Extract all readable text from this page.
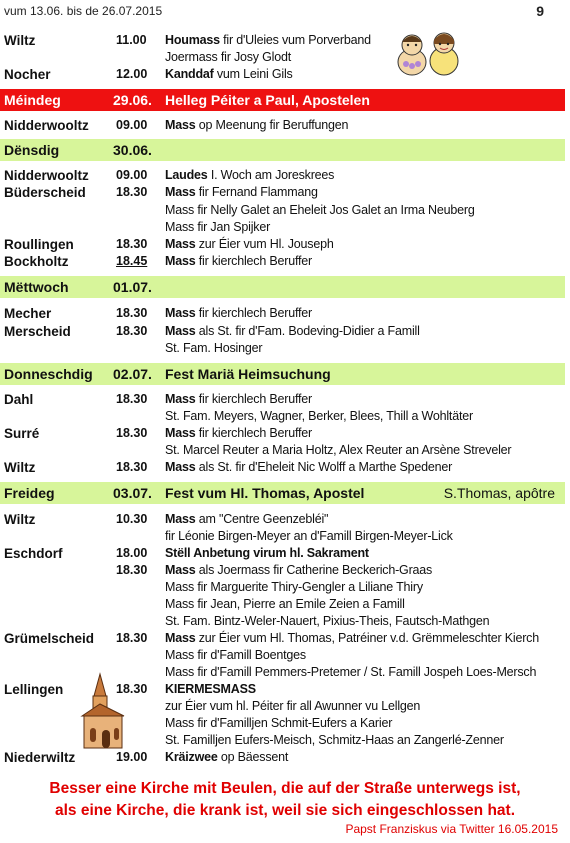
vum 13.06. bis de 26.07.2015	9
Wiltz	11.00 Houmass fir d'Uleies vum Porverband
Joermass fir Josy Glodt
Nocher	12.00 Kanddaf vum Leini Gils
Méindeg	29.06. Helleg Péiter a Paul, Apostelen
Nidderwooltz 09.00 Mass op Meenung fir Beruffungen
Dënsdig	30.06.
Nidderwooltz 09.00 Laudes I. Woch am Joreskrees
Büderscheid 18.30 Mass fir Fernand Flammang
Mass fir Nelly Galet an Eheleit Jos Galet an Irma Neuberg
Mass fir Jan Spijker
Roullingen	18.30 Mass zur Éier vum Hl. Jouseph
Bockholtz	18.45 Mass fir kierchlech Beruffer
Mëttwoch	01.07.
Mecher	18.30 Mass fir kierchlech Beruffer
Merscheid	18.30 Mass als St. fir d'Fam. Bodeving-Didier a Famill
St. Fam. Hosinger
Donneschdig 02.07. Fest Mariä Heimsuchung
Dahl	18.30 Mass fir kierchlech Beruffer
St. Fam. Meyers, Wagner, Berker, Blees, Thill a Wohltäter
Surré	18.30 Mass fir kierchlech Beruffer
St. Marcel Reuter a Maria Holtz, Alex Reuter an Arsène Streveler
Wiltz	18.30 Mass als St. fir d'Eheleit Nic Wolff a Marthe Spedener
Freideg	03.07. Fest vum Hl. Thomas, Apostel	S.Thomas, apôtre
Wiltz	10.30 Mass am "Centre Geenzebléi"
fir Léonie Birgen-Meyer an d'Famill Birgen-Meyer-Lick
Eschdorf	18.00 Stëll Anbetung virum hl. Sakrament
18.30 Mass als Joermass fir Catherine Beckerich-Graas
Mass fir Marguerite Thiry-Gengler a Liliane Thiry
Mass fir Jean, Pierre an Emile Zeien a Famill
St. Fam. Bintz-Weler-Nauert, Pixius-Theis, Fautsch-Mathgen
Grümelscheid 18.30 Mass zur Éier vum Hl. Thomas, Patréiner v.d. Grëmmeleschter Kierch
Mass fir d'Famill Boentges
Mass fir d'Famill Pemmers-Pretemer / St. Famill Jospeh Loes-Mersch
Lellingen	18.30 KIERMESMASS
zur Éier vum hl. Péiter fir all Awunner vu Lellgen
Mass fir d'Familljen Schmit-Eufers a Karier
St. Familljen Eufers-Meisch, Schmitz-Haas an Zangerlé-Zenner
Niederwiltz	19.00 Kräizwee op Bäessent
Besser eine Kirche mit Beulen, die auf der Straße unterwegs ist,
als eine Kirche, die krank ist, weil sie sich eingeschlossen hat.
Papst Franziskus via Twitter 16.05.2015
